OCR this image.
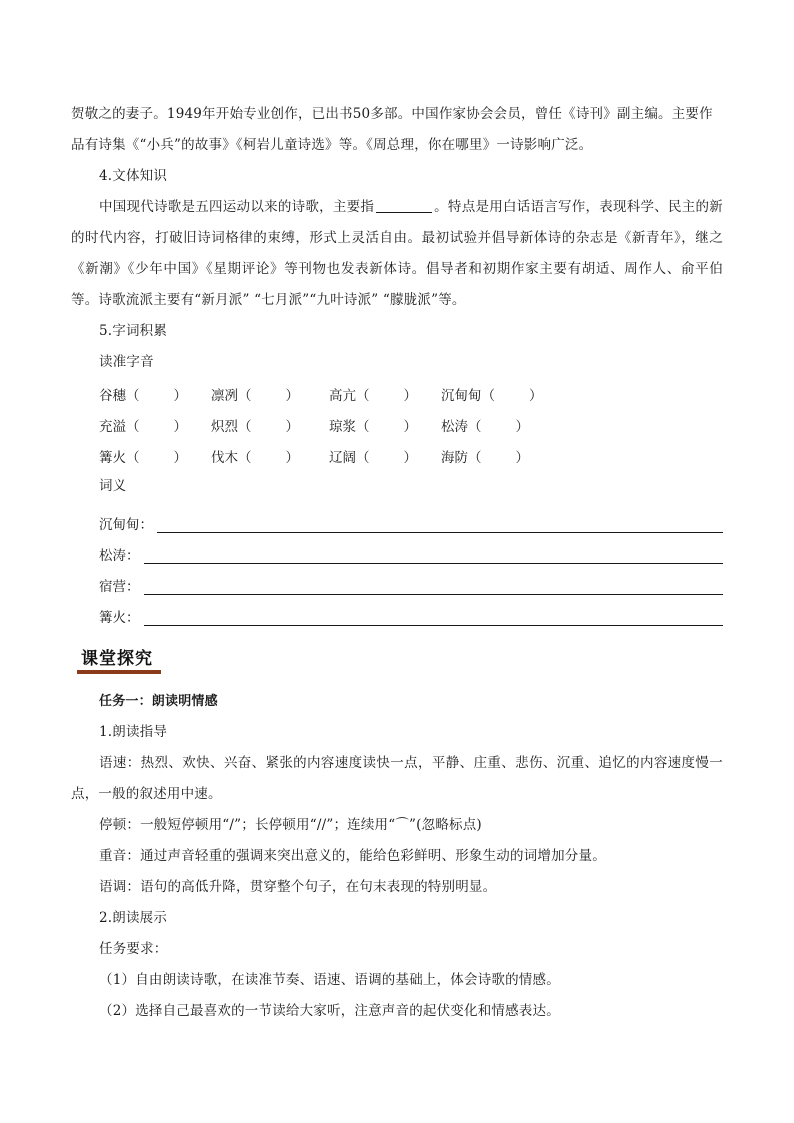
贺敬之的妻子。1949年开始专业创作，已出书50多部。中国作家协会会员，曾任《诗刊》副主编。主要作

品有诗集《“小兵”的故事》《柯岩儿童诗选》等。《周总理，你在哪里》一诗影响广泛。

4.文体知识

中国现代诗歌是五四运动以来的诗歌，主要指	。特点是用白话语言写作，表现科学、民主的新的时代内容，打破旧诗词格律的束缚，形式上灵活自由。最初试验并倡导新体诗的杂志是《新青年》，继之《新潮》《少年中国》《星期评论》等刊物也发表新体诗。倡导者和初期作家主要有胡适、周作人、俞平伯等。诗歌流派主要有“新月派” “七月派”“九叶诗派” “朦胧派”等。

5.字词积累

读准字音

谷穗 （	） 凛冽 （	） 高亢 （	） 沉甸甸 （	）
充溢 （	） 炽烈 （	） 琼浆 （	） 松涛 （	）
篝火 （	） 伐木 （	） 辽阔 （	） 海防 （	）

词义

沉甸甸：
松涛：
宿营：
篝火：
课堂探究

任务一：朗读明情感

1.朗读指导

语速：热烈、欢快、兴奋、紧张的内容速度读快一点，平静、庄重、悲伤、沉重、追忆的内容速度慢一点，一般的叙述用中速。

停顿：一般短停顿用“/”；长停顿用“//”；连续用“⌒”(忽略标点)

重音：通过声音轻重的强调来突出意义的，能给色彩鲜明、形象生动的词增加分量。

语调：语句的高低升降，贯穿整个句子，在句末表现的特别明显。

2.朗读展示

任务要求：

（1）自由朗读诗歌，在读准节奏、语速、语调的基础上，体会诗歌的情感。

（2）选择自己最喜欢的一节读给大家听，注意声音的起伏变化和情感表达。
